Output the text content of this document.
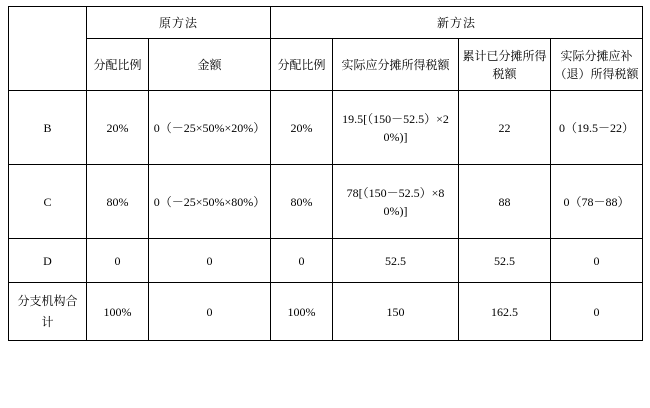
	原方法		新方法			
	分配比例	金额	分配比例	实际应分摊所得税额	累计已分摊所得税额	实际分摊应补（退）所得税额
B	20%	0（－25×50%×20%）	20%	19.5[（150－52.5）×20%)]	22	0（19.5－22）
C	80%	0（－25×50%×80%）	80%	78[（150－52.5）×80%)]	88	0（78－88）
D	0	0	0	52.5	52.5	0
分支机构合计	100%	0	100%	150	162.5	0
